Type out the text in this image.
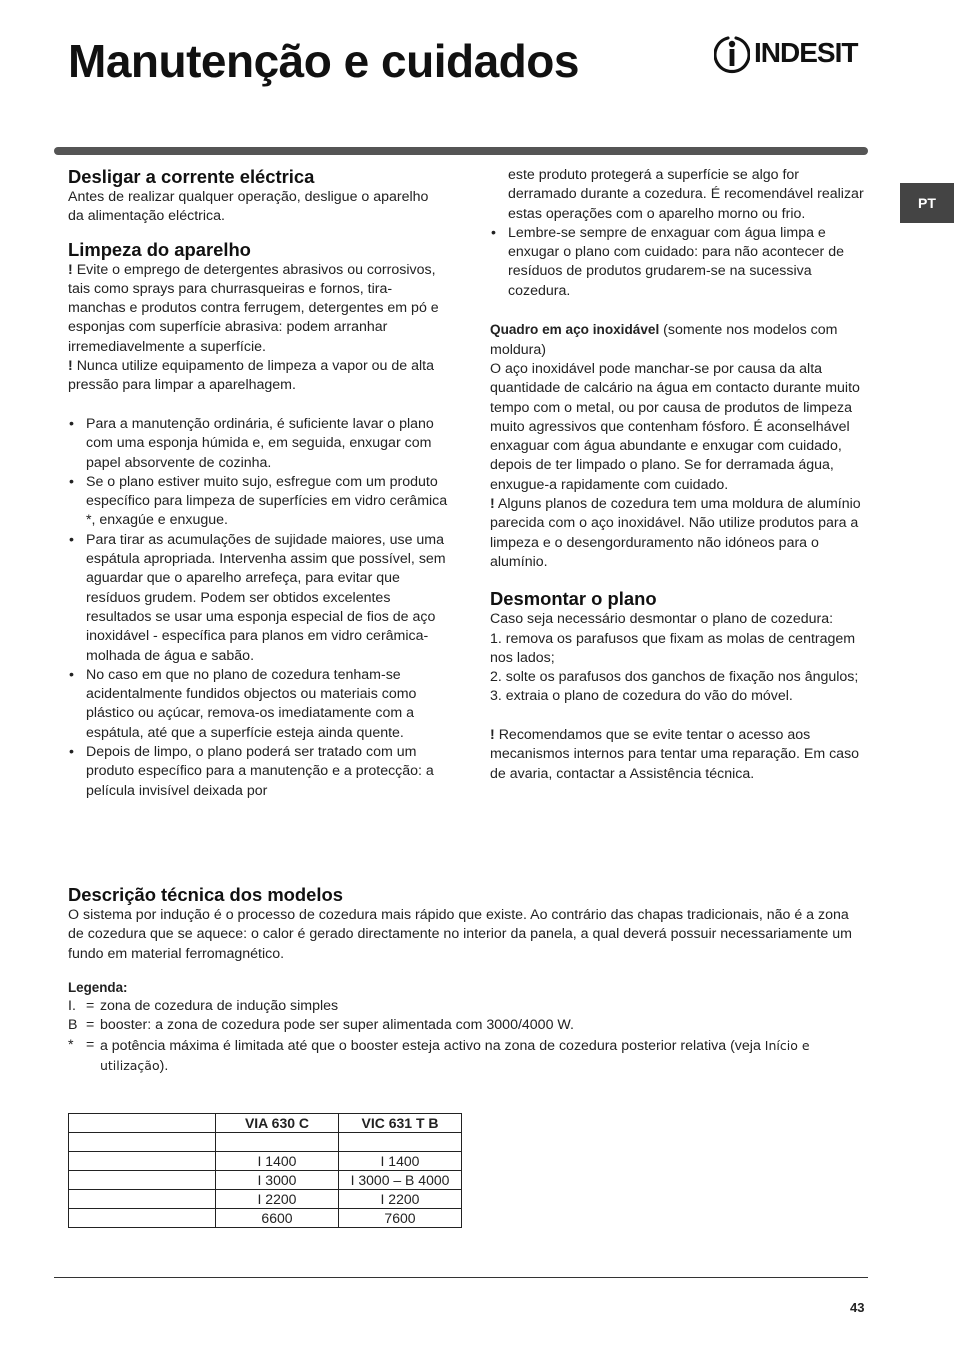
Manutenção e cuidados	INDESIT
PT
Desligar a corrente eléctrica

Antes de realizar qualquer operação, desligue o aparelho da alimentação eléctrica.

Limpeza do aparelho

! Evite o emprego de detergentes abrasivos ou corrosivos, tais como sprays para churrasqueiras e fornos, tira-manchas e produtos contra ferrugem, detergentes em pó e esponjas com superfície abrasiva: podem arranhar irremediavelmente a superfície.

! Nunca utilize equipamento de limpeza a vapor ou de alta pressão para limpar a aparelhagem.

• Para a manutenção ordinária, é suficiente lavar o plano com uma esponja húmida e, em seguida, enxugar com papel absorvente de cozinha.
• Se o plano estiver muito sujo, esfregue com um produto específico para limpeza de superfícies em vidro cerâmica *, enxagúe e enxugue.
• Para tirar as acumulações de sujidade maiores, use uma espátula apropriada. Intervenha assim que possível, sem aguardar que o aparelho arrefeça, para evitar que resíduos grudem. Podem ser obtidos excelentes resultados se usar uma esponja especial de fios de aço inoxidável - específica para planos em vidro cerâmica- molhada de água e sabão.
• No caso em que no plano de cozedura tenham-se acidentalmente fundidos objectos ou materiais como plástico ou açúcar, remova-os imediatamente com a espátula, até que a superfície esteja ainda quente.
• Depois de limpo, o plano poderá ser tratado com um produto específico para a manutenção e a protecção: a película invisível deixada por

este produto protegerá a superfície se algo for derramado durante a cozedura. É recomendável realizar estas operações com o aparelho morno ou frio.

• Lembre-se sempre de enxaguar com água limpa e enxugar o plano com cuidado: para não acontecer de resíduos de produtos grudarem-se na sucessiva cozedura.

Quadro em aço inoxidável (somente nos modelos com moldura)

O aço inoxidável pode manchar-se por causa da alta quantidade de calcário na água em contacto durante muito tempo com o metal, ou por causa de produtos de limpeza muito agressivos que contenham fósforo. É aconselhável enxaguar com água abundante e enxugar com cuidado, depois de ter limpado o plano. Se for derramada água, enxugue-a rapidamente com cuidado.

! Alguns planos de cozedura tem uma moldura de alumínio parecida com o aço inoxidável. Não utilize produtos para a limpeza e o desengorduramento não idóneos para o alumínio.

Desmontar o plano

Caso seja necessário desmontar o plano de cozedura:

1. remova os parafusos que fixam as molas de centragem nos lados;

2. solte os parafusos dos ganchos de fixação nos ângulos;

3. extraia o plano de cozedura do vão do móvel.

! Recomendamos que se evite tentar o acesso aos mecanismos internos para tentar uma reparação. Em caso de avaria, contactar a Assistência técnica.

Descrição técnica dos modelos

O sistema por indução é o processo de cozedura mais rápido que existe. Ao contrário das chapas tradicionais, não é a zona de cozedura que se aquece: o calor é gerado directamente no interior da panela, a qual deverá possuir necessariamente um fundo em material ferromagnético.

Legenda:
I. =
zona de cozedura de indução simples
B =
booster: a zona de cozedura pode ser super alimentada com 3000/4000 W.
* =
a potência máxima é limitada até que o booster esteja activo na zona de cozedura posterior relativa (veja Início e utilização).
	VIA 630 C	VIC 631 T B

	I 1400	I 1400
	I 3000	I 3000 – B 4000
	I 2200	I 2200
	6600	7600
43
